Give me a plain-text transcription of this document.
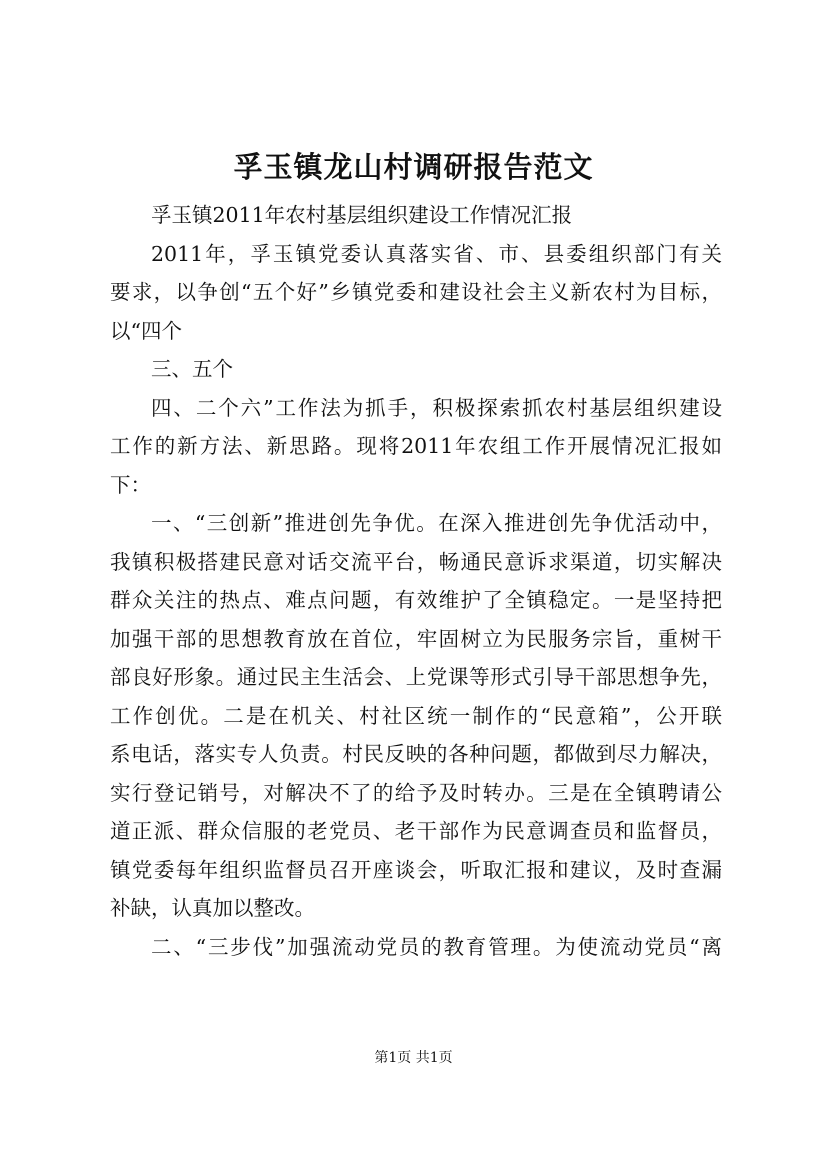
孚玉镇龙山村调研报告范文
孚玉镇2011年农村基层组织建设工作情况汇报
2011年，孚玉镇党委认真落实省、市、县委组织部门有关
要求，以争创“五个好”乡镇党委和建设社会主义新农村为目标，
以“四个
三、五个
四、二个六”工作法为抓手，积极探索抓农村基层组织建设
工作的新方法、新思路。现将2011年农组工作开展情况汇报如
下：
一、“三创新”推进创先争优。在深入推进创先争优活动中，
我镇积极搭建民意对话交流平台，畅通民意诉求渠道，切实解决
群众关注的热点、难点问题，有效维护了全镇稳定。一是坚持把
加强干部的思想教育放在首位，牢固树立为民服务宗旨，重树干
部良好形象。通过民主生活会、上党课等形式引导干部思想争先，
工作创优。二是在机关、村社区统一制作的“民意箱”，公开联
系电话，落实专人负责。村民反映的各种问题，都做到尽力解决，
实行登记销号，对解决不了的给予及时转办。三是在全镇聘请公
道正派、群众信服的老党员、老干部作为民意调查员和监督员，
镇党委每年组织监督员召开座谈会，听取汇报和建议，及时查漏
补缺，认真加以整改。
二、“三步伐”加强流动党员的教育管理。为使流动党员“离
第1页 共1页
